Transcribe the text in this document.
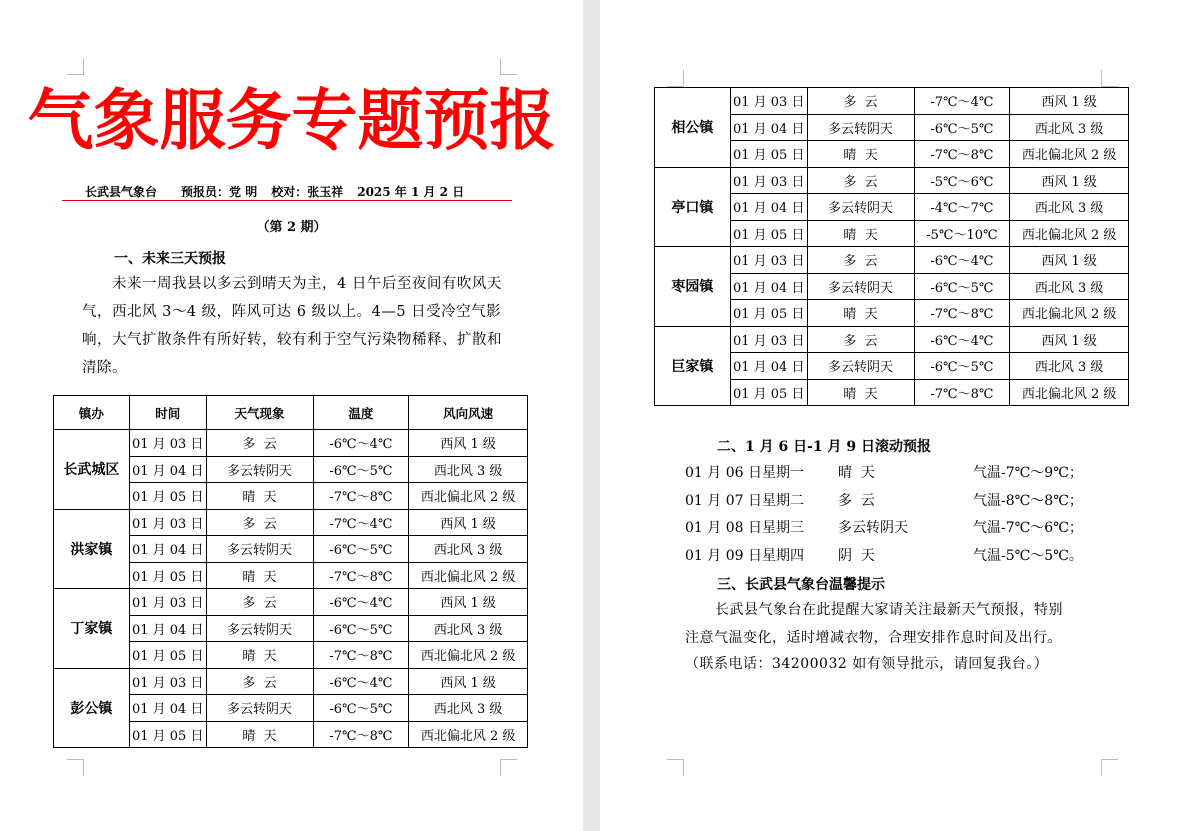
气象服务专题预报
长武县气象台 预报员：党 明 校对：张玉祥 2025 年 1 月 2 日
（第 2 期）
一、未来三天预报
未来一周我县以多云到晴天为主，4 日午后至夜间有吹风天气，西北风 3～4 级，阵风可达 6 级以上。4—5 日受冷空气影响，大气扩散条件有所好转，较有利于空气污染物稀释、扩散和清除。
镇办	时间	天气现象	温度	风向风速
长武城区	01 月 03 日	多  云	-6℃～4℃	西风 1 级
	01 月 04 日	多云转阴天	-6℃～5℃	西北风 3 级
	01 月 05 日	晴  天	-7℃～8℃	西北偏北风 2 级
洪家镇	01 月 03 日	多  云	-7℃～4℃	西风 1 级
	01 月 04 日	多云转阴天	-6℃～5℃	西北风 3 级
	01 月 05 日	晴  天	-7℃～8℃	西北偏北风 2 级
丁家镇	01 月 03 日	多  云	-6℃～4℃	西风 1 级
	01 月 04 日	多云转阴天	-6℃～5℃	西北风 3 级
	01 月 05 日	晴  天	-7℃～8℃	西北偏北风 2 级
彭公镇	01 月 03 日	多  云	-6℃～4℃	西风 1 级
	01 月 04 日	多云转阴天	-6℃～5℃	西北风 3 级
	01 月 05 日	晴  天	-7℃～8℃	西北偏北风 2 级
相公镇	01 月 03 日	多  云	-7℃～4℃	西风 1 级
	01 月 04 日	多云转阴天	-6℃～5℃	西北风 3 级
	01 月 05 日	晴  天	-7℃～8℃	西北偏北风 2 级
亭口镇	01 月 03 日	多  云	-5℃～6℃	西风 1 级
	01 月 04 日	多云转阴天	-4℃～7℃	西北风 3 级
	01 月 05 日	晴  天	-5℃～10℃	西北偏北风 2 级
枣园镇	01 月 03 日	多  云	-6℃～4℃	西风 1 级
	01 月 04 日	多云转阴天	-6℃～5℃	西北风 3 级
	01 月 05 日	晴  天	-7℃～8℃	西北偏北风 2 级
巨家镇	01 月 03 日	多  云	-6℃～4℃	西风 1 级
	01 月 04 日	多云转阴天	-6℃～5℃	西北风 3 级
	01 月 05 日	晴  天	-7℃～8℃	西北偏北风 2 级
二、1 月 6 日-1 月 9 日滚动预报
01 月 06 日星期一 晴  天	气温-7℃～9℃；
01 月 07 日星期二 多  云	气温-8℃～8℃；
01 月 08 日星期三 多云转阴天	气温-7℃～6℃；
01 月 09 日星期四 阴  天	气温-5℃～5℃。
三、长武县气象台温馨提示
长武县气象台在此提醒大家请关注最新天气预报，特别
注意气温变化，适时增减衣物，合理安排作息时间及出行。
（联系电话：34200032 如有领导批示，请回复我台。）
